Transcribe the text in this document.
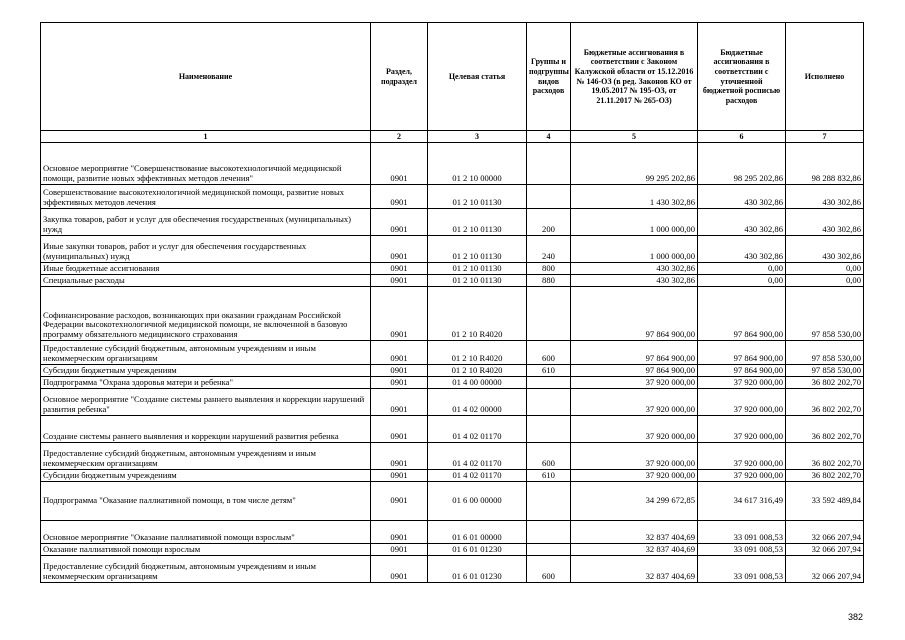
Наименование	Раздел, подраздел	Целевая статья	Группы и подгруппы видов расходов	Бюджетные ассигнования в соответствии с Законом Калужской области от 15.12.2016 № 146-ОЗ (в ред. Законов КО от 19.05.2017 № 195-ОЗ, от 21.11.2017 № 265-ОЗ)	Бюджетные ассигнования в соответствии с уточненной бюджетной росписью расходов	Исполнено
1	2	3	4	5	6	7
Основное мероприятие "Совершенствование высокотехнологичной медицинской помощи, развитие новых эффективных методов лечения"	0901	01 2 10 00000		99 295 202,86	98 295 202,86	98 288 832,86
Совершенствование высокотехнологичной медицинской помощи, развитие новых эффективных методов лечения	0901	01 2 10 01130		1 430 302,86	430 302,86	430 302,86
Закупка товаров, работ и услуг для обеспечения государственных (муниципальных) нужд	0901	01 2 10 01130	200	1 000 000,00	430 302,86	430 302,86
Иные закупки товаров, работ и услуг для обеспечения государственных (муниципальных) нужд	0901	01 2 10 01130	240	1 000 000,00	430 302,86	430 302,86
Иные бюджетные ассигнования	0901	01 2 10 01130	800	430 302,86	0,00	0,00
Специальные расходы	0901	01 2 10 01130	880	430 302,86	0,00	0,00
Софинансирование расходов, возникающих при оказании гражданам Российской Федерации высокотехнологичной медицинской помощи, не включенной в базовую программу обязательного медицинского страхования	0901	01 2 10 R4020		97 864 900,00	97 864 900,00	97 858 530,00
Предоставление субсидий бюджетным, автономным учреждениям и иным некоммерческим организациям	0901	01 2 10 R4020	600	97 864 900,00	97 864 900,00	97 858 530,00
Субсидии бюджетным учреждениям	0901	01 2 10 R4020	610	97 864 900,00	97 864 900,00	97 858 530,00
Подпрограмма "Охрана здоровья матери и ребенка"	0901	01 4 00 00000		37 920 000,00	37 920 000,00	36 802 202,70
Основное мероприятие "Создание системы раннего выявления и коррекции нарушений развития ребенка"	0901	01 4 02 00000		37 920 000,00	37 920 000,00	36 802 202,70
Создание системы раннего выявления и коррекции нарушений развития ребенка	0901	01 4 02 01170		37 920 000,00	37 920 000,00	36 802 202,70
Предоставление субсидий бюджетным, автономным учреждениям и иным некоммерческим организациям	0901	01 4 02 01170	600	37 920 000,00	37 920 000,00	36 802 202,70
Субсидии бюджетным учреждениям	0901	01 4 02 01170	610	37 920 000,00	37 920 000,00	36 802 202,70
Подпрограмма "Оказание паллиативной помощи, в том числе детям"	0901	01 6 00 00000		34 299 672,85	34 617 316,49	33 592 489,84
Основное мероприятие "Оказание паллиативной помощи взрослым"	0901	01 6 01 00000		32 837 404,69	33 091 008,53	32 066 207,94
Оказание паллиативной помощи взрослым	0901	01 6 01 01230		32 837 404,69	33 091 008,53	32 066 207,94
Предоставление субсидий бюджетным, автономным учреждениям и иным некоммерческим организациям	0901	01 6 01 01230	600	32 837 404,69	33 091 008,53	32 066 207,94
382
